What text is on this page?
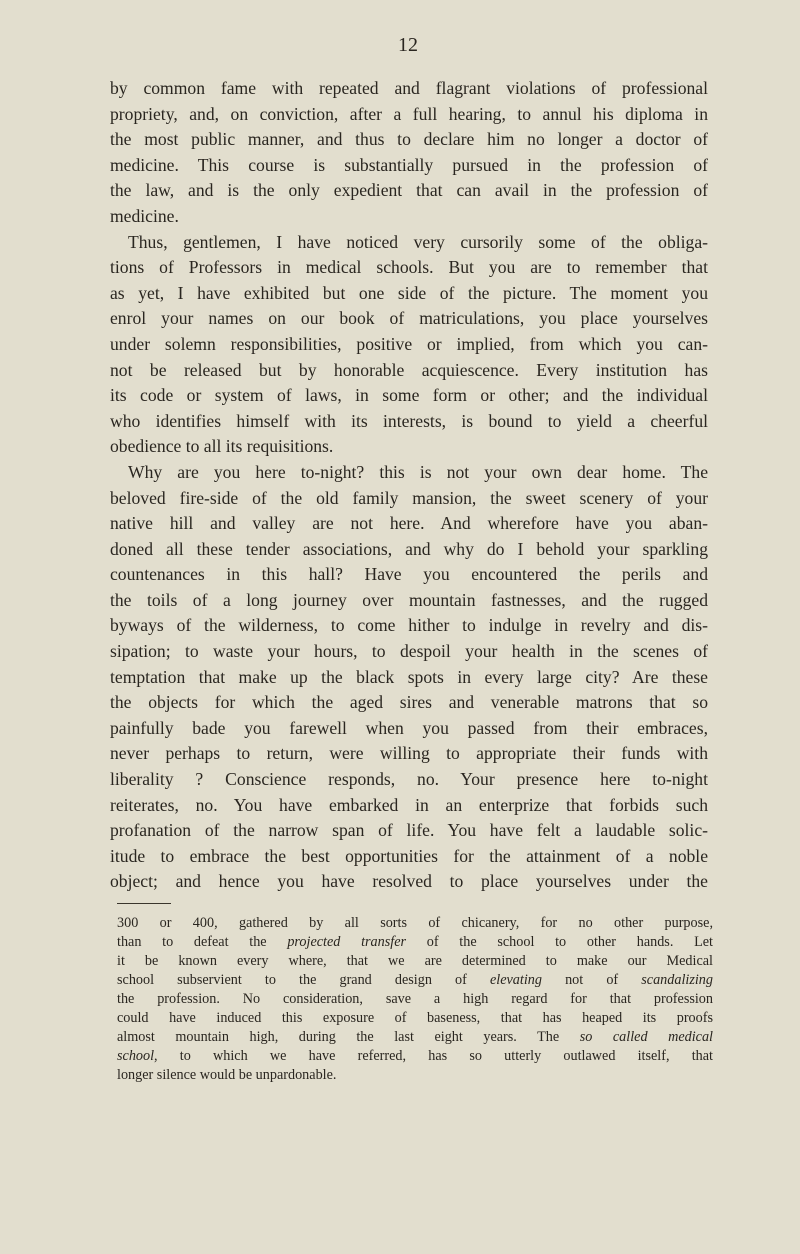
12
by common fame with repeated and flagrant violations of professional
propriety, and, on conviction, after a full hearing, to annul his diploma in
the most public manner, and thus to declare him no longer a doctor of
medicine. This course is substantially pursued in the profession of
the law, and is the only expedient that can avail in the profession of
medicine.
Thus, gentlemen, I have noticed very cursorily some of the obliga-
tions of Professors in medical schools. But you are to remember that
as yet, I have exhibited but one side of the picture. The moment you
enrol your names on our book of matriculations, you place yourselves
under solemn responsibilities, positive or implied, from which you can-
not be released but by honorable acquiescence. Every institution has
its code or system of laws, in some form or other; and the individual
who identifies himself with its interests, is bound to yield a cheerful
obedience to all its requisitions.
Why are you here to-night? this is not your own dear home. The
beloved fire-side of the old family mansion, the sweet scenery of your
native hill and valley are not here. And wherefore have you aban-
doned all these tender associations, and why do I behold your sparkling
countenances in this hall? Have you encountered the perils and
the toils of a long journey over mountain fastnesses, and the rugged
byways of the wilderness, to come hither to indulge in revelry and dis-
sipation; to waste your hours, to despoil your health in the scenes of
temptation that make up the black spots in every large city? Are these
the objects for which the aged sires and venerable matrons that so
painfully bade you farewell when you passed from their embraces,
never perhaps to return, were willing to appropriate their funds with
liberality ? Conscience responds, no. Your presence here to-night
reiterates, no. You have embarked in an enterprize that forbids such
profanation of the narrow span of life. You have felt a laudable solic-
itude to embrace the best opportunities for the attainment of a noble
object; and hence you have resolved to place yourselves under the
300 or 400, gathered by all sorts of chicanery, for no other purpose,
than to defeat the projected transfer of the school to other hands. Let
it be known every where, that we are determined to make our Medical
school subservient to the grand design of elevating not of scandalizing
the profession. No consideration, save a high regard for that profession
could have induced this exposure of baseness, that has heaped its proofs
almost mountain high, during the last eight years. The so called medical
school, to which we have referred, has so utterly outlawed itself, that
longer silence would be unpardonable.
